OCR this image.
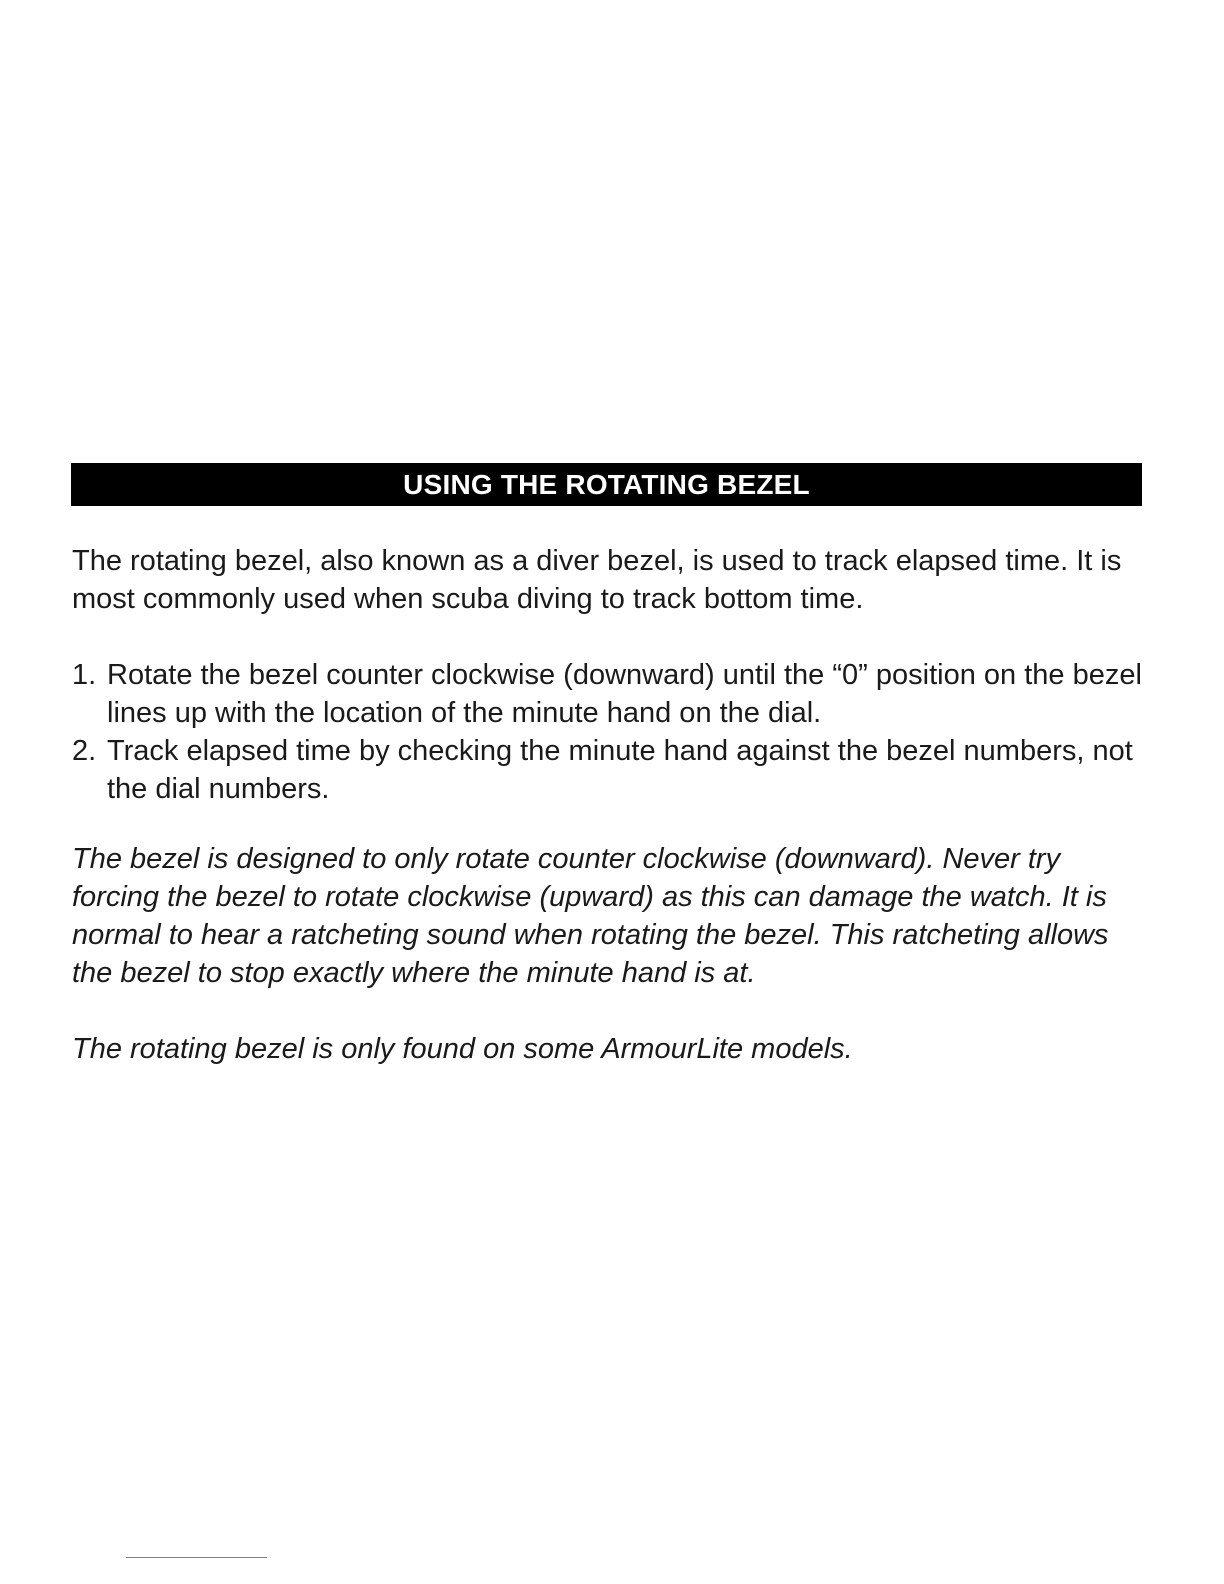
USING THE ROTATING BEZEL

The rotating bezel, also known as a diver bezel, is used to track elapsed time. It is most commonly used when scuba diving to track bottom time.

1. Rotate the bezel counter clockwise (downward) until the “0” position on the bezel lines up with the location of the minute hand on the dial.
2. Track elapsed time by checking the minute hand against the bezel numbers, not the dial numbers.

The bezel is designed to only rotate counter clockwise (downward). Never try forcing the bezel to rotate clockwise (upward) as this can damage the watch. It is normal to hear a ratcheting sound when rotating the bezel. This ratcheting allows the bezel to stop exactly where the minute hand is at.

The rotating bezel is only found on some ArmourLite models.
